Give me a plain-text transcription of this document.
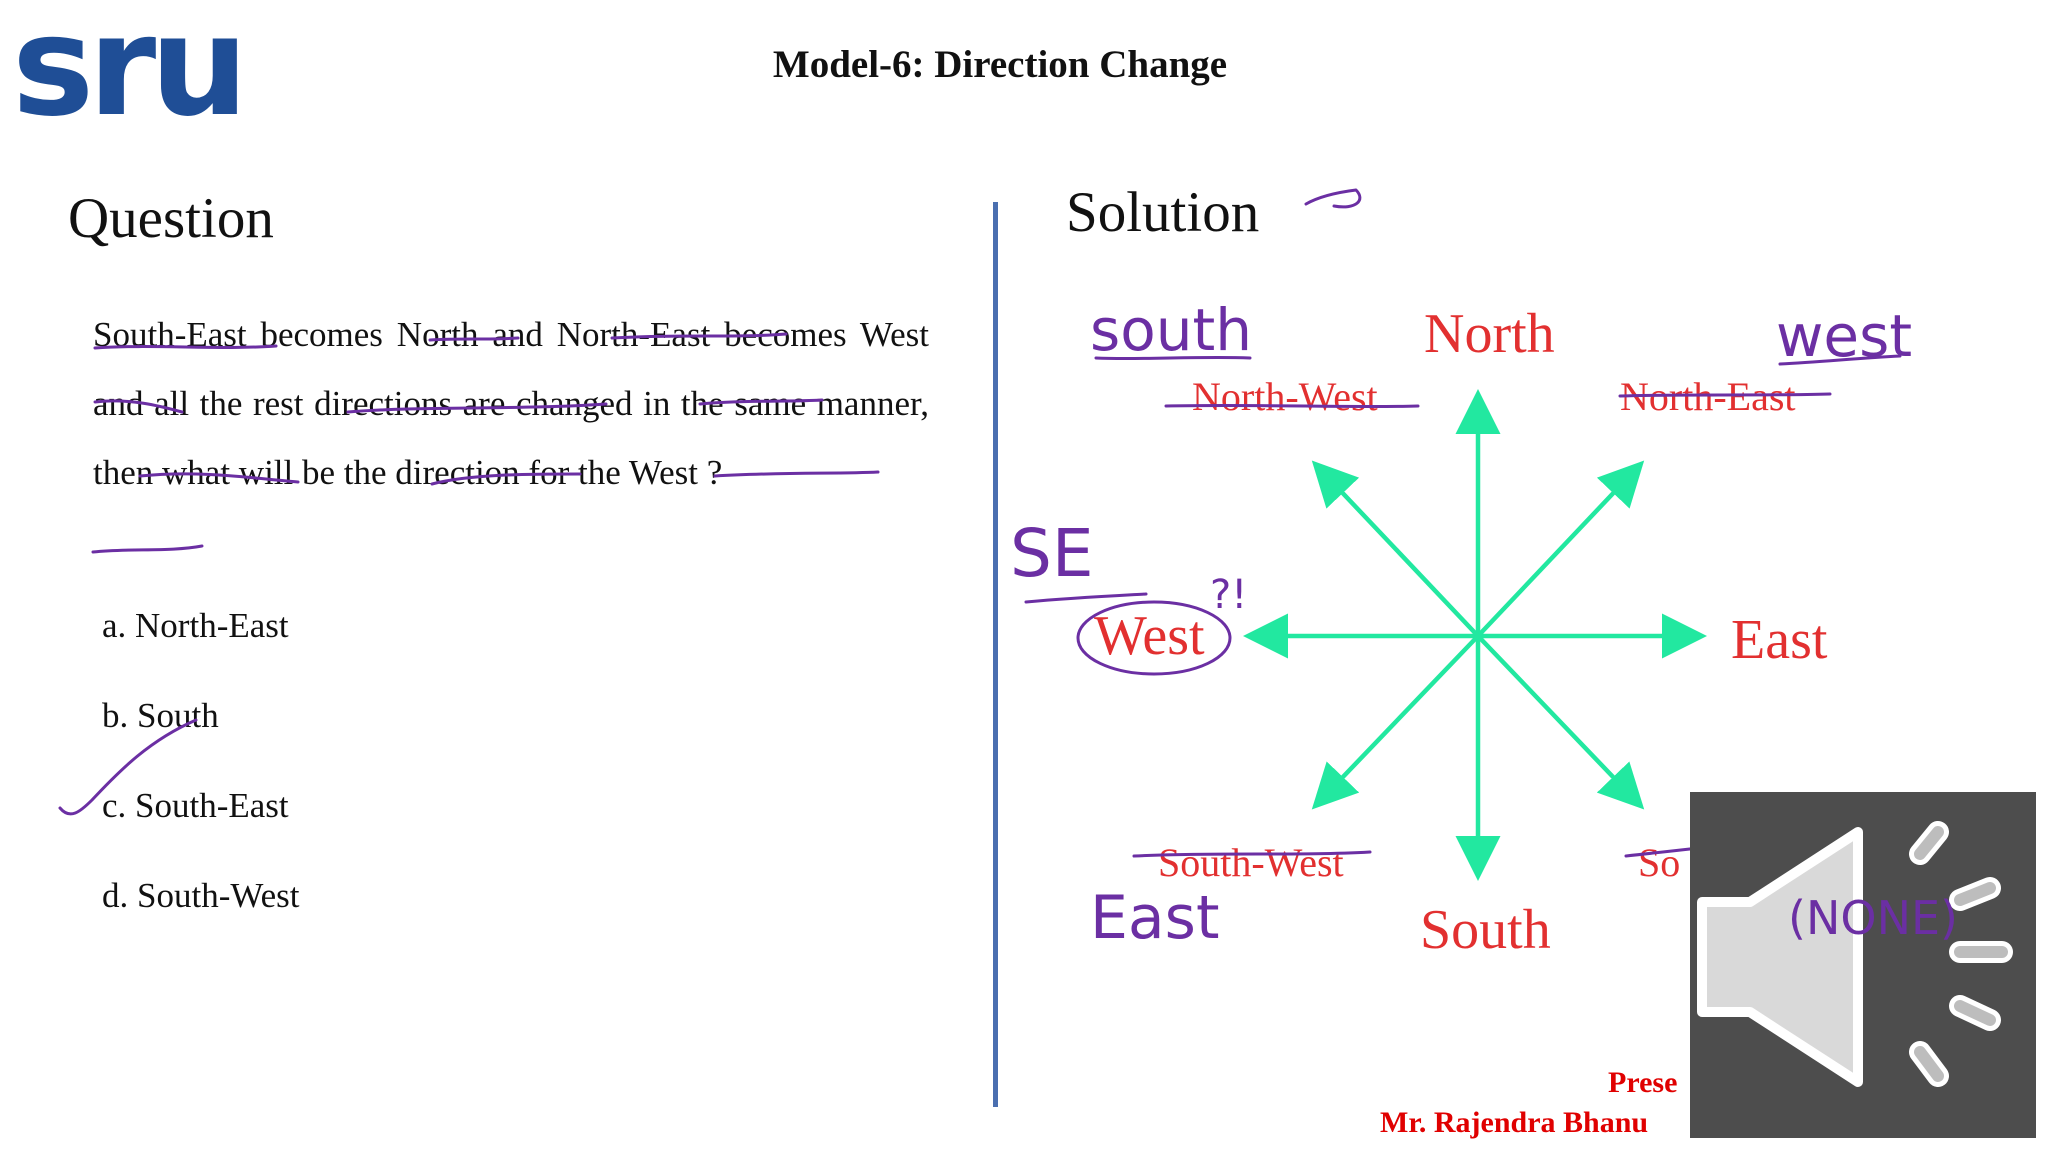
sru	Model-6: Direction Change
Question
South-East becomes North and North-East becomes West and all the rest directions are changed in the same manner, then what will be the direction for the West ?
a. North-East
b. South
c. South-East
d. South-West
Solution
North
South
East
West
North-West	North-East
South-West	So
Prese
Mr. Rajendra Bhanu
south	west
SE
East
?!
(NONE)
